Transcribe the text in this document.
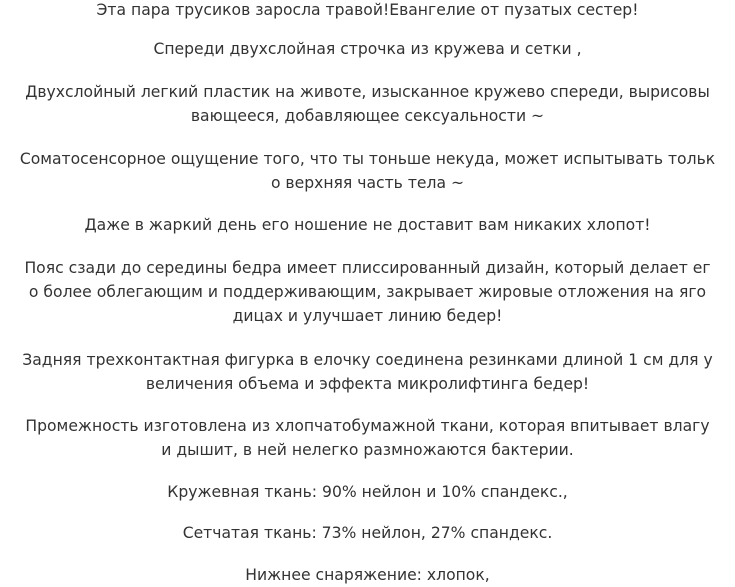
Эта пара трусиков заросла травой!Евангелие от пузатых сестер!

Спереди двухслойная строчка из кружева и сетки ,

Двухслойный легкий пластик на животе, изысканное кружево спереди, вырисовы
вающееся, добавляющее сексуальности ~

Соматосенсорное ощущение того, что ты тоньше некуда, может испытывать тольк
о верхняя часть тела ~

Даже в жаркий день его ношение не доставит вам никаких хлопот!

Пояс сзади до середины бедра имеет плиссированный дизайн, который делает ег
о более облегающим и поддерживающим, закрывает жировые отложения на яго
дицах и улучшает линию бедер!

Задняя трехконтактная фигурка в елочку соединена резинками длиной 1 см для у
величения объема и эффекта микролифтинга бедер!

Промежность изготовлена из хлопчатобумажной ткани, которая впитывает влагу
и дышит, в ней нелегко размножаются бактерии.

Кружевная ткань: 90% нейлон и 10% спандекс.,

Сетчатая ткань: 73% нейлон, 27% спандекс.

Нижнее снаряжение: хлопок,
